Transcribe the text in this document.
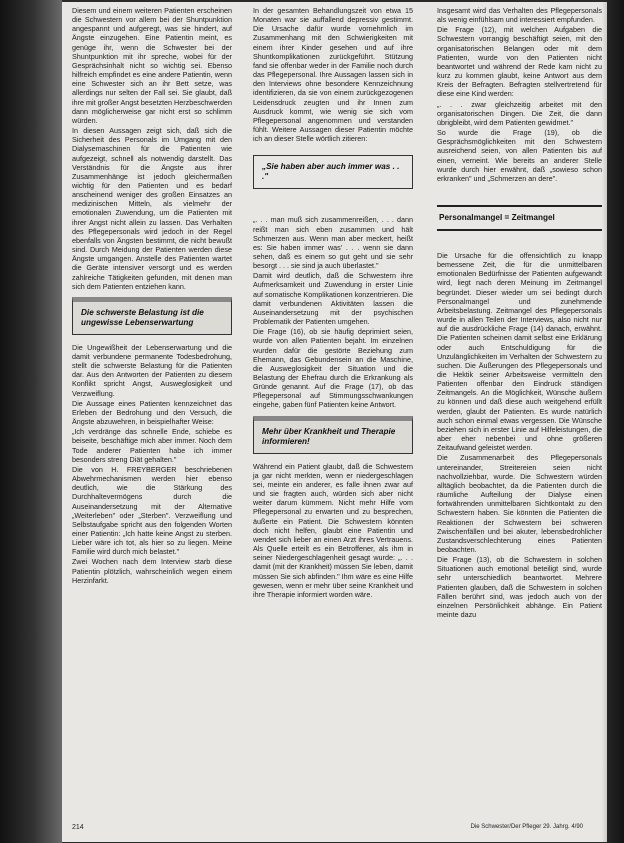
Diesem und einem weiteren Patienten erscheinen die Schwestern vor allem bei der Shuntpunktion angespannt und aufgeregt, was sie hindert, auf Ängste einzugehen. Eine Patientin meint, es genüge ihr, wenn die Schwester bei der Shuntpunktion mit ihr spreche, wobei für der Gesprächsinhalt nicht so wichtig sei. Ebenso hilfreich empfindet es eine andere Patientin, wenn eine Schwester sich an ihr Bett setze, was allerdings nur selten der Fall sei. Sie glaubt, daß ihre mit großer Angst besetzten Herzbeschwerden dann möglicherweise gar nicht erst so schlimm würden.

In diesen Aussagen zeigt sich, daß sich die Sicherheit des Personals im Umgang mit den Dialysemaschinen für die Patienten wie aufgezeigt, schnell als notwendig darstellt. Das Verständnis für die Ängste aus ihrer Zusammenhänge ist jedoch gleichermaßen wichtig für den Patienten und es bedarf anscheinend weniger des großen Einsatzes an medizinischen Mitteln, als vielmehr der emotionalen Zuwendung, um die Patienten mit ihrer Angst nicht allein zu lassen. Das Verhalten des Pflegepersonals wird jedoch in der Regel ebenfalls von Ängsten bestimmt, die nicht bewußt sind. Durch Meidung der Patienten werden diese Ängste umgangen. Anstelle des Patienten wartet die Geräte intensiver versorgt und es werden zahlreiche Tätigkeiten gefunden, mit denen man sich dem Patienten entziehen kann.

Die schwerste Belastung ist die ungewisse Lebenserwartung

Die Ungewißheit der Lebenserwartung und die damit verbundene permanente Todesbedrohung, stellt die schwerste Belastung für die Patienten dar. Aus den Antworten der Patienten zu diesem Konflikt spricht Angst, Ausweglosigkeit und Verzweiflung.

Die Aussage eines Patienten kennzeichnet das Erleben der Bedrohung und den Versuch, die Ängste abzuwehren, in beispielhafter Weise:

„Ich verdränge das schnelle Ende, schiebe es beiseite, beschäftige mich aber immer. Noch dem Tode anderer Patienten habe ich immer besonders streng Diät gehalten."

Die von H. FREYBERGER beschriebenen Abwehrmechanismen werden hier ebenso deutlich, wie die Stärkung des Durchhaltevermögens durch die Auseinandersetzung mit der Alternative „Weiterleben" oder „Sterben". Verzweiflung und Selbstaufgabe spricht aus den folgenden Worten einer Patientin: „Ich hatte keine Angst zu sterben. Lieber wäre ich tot, als hier so zu liegen. Meine Familie wird durch mich belastet."

Zwei Wochen nach dem Interview starb diese Patientin plötzlich, wahrscheinlich wegen einem Herzinfarkt.

In der gesamten Behandlungszeit von etwa 15 Monaten war sie auffallend depressiv gestimmt. Die Ursache dafür wurde vornehmlich im Zusammenhang mit den Schwierigkeiten mit einem ihrer Kinder gesehen und auf ihre Shuntkomplikationen zurückgeführt. Stützung fand sie offenbar weder in der Familie noch durch das Pflegepersonal. Ihre Aussagen lassen sich in den Interviews ohne besondere Kennzeichnung identifizieren, da sie von einem zurückgezogenen Leidensdruck zeugten und ihr Innen zum Ausdruck kommt, wie wenig sie sich vom Pflegepersonal angenommen und verstanden fühlt. Weitere Aussagen dieser Patientin möchte ich an dieser Stelle wörtlich zitieren:

„Sie haben aber auch immer was . . ."

„. . . man muß sich zusammenreißen, . . . dann reißt man sich eben zusammen und hält Schmerzen aus. Wenn man aber meckert, heißt es: Sie haben immer was' . . . wenn sie dann sehen, daß es einem so gut geht und sie sehr besorgt . . . sie sind ja auch überlastet."

Damit wird deutlich, daß die Schwestern ihre Aufmerksamkeit und Zuwendung in erster Linie auf somatische Komplikationen konzentrieren. Die damit verbundenen Aktivitäten lassen die Auseinandersetzung mit der psychischen Problematik der Patienten umgehen.

Die Frage (16), ob sie häufig deprimiert seien, wurde von allen Patienten bejaht. Im einzelnen wurden dafür die gestörte Beziehung zum Ehemann, das Gebundensein an die Maschine, die Ausweglosigkeit der Situation und die Belastung der Ehefrau durch die Erkrankung als Gründe genannt. Auf die Frage (17), ob das Pflegepersonal auf Stimmungsschwankungen eingehe, gaben fünf Patienten keine Antwort.

Mehr über Krankheit und Therapie informieren!

Während ein Patient glaubt, daß die Schwestern ja gar nicht merkten, wenn er niedergeschlagen sei, meinte ein anderer, es falle ihnen zwar auf und sie fragten auch, würden sich aber nicht weiter darum kümmern. Nicht mehr Hilfe vom Pflegepersonal zu erwarten und zu besprechen, äußerte ein Patient. Die Schwestern könnten doch nicht helfen, glaubt eine Patientin und wendet sich lieber an einen Arzt ihres Vertrauens. Als Quelle erteilt es ein Betroffener, als ihm in seiner Niedergeschlagenheit gesagt wurde: „. . . damit (mit der Krankheit) müssen Sie leben, damit müssen Sie sich abfinden." Ihm wäre es eine Hilfe gewesen, wenn er mehr über seine Krankheit und ihre Therapie informiert worden wäre.

Insgesamt wird das Verhalten des Pflegepersonals als wenig einfühlsam und interessiert empfunden.

Die Frage (12), mit welchen Aufgaben die Schwestern vorrangig beschäftigt seien, mit den organisatorischen Belangen oder mit dem Patienten, wurde von den Patienten nicht beantwortet und während der Rede kam nicht zu kurz zu kommen glaubt, keine Antwort aus dem Kreis der Befragten. Befragten stellvertretend für diese eine Kind werden:

„. . . zwar gleichzeitig arbeitet mit den organisatorischen Dingen. Die Zeit, die dann übrigbleibt, wird dem Patienten gewidmet."

So wurde die Frage (19), ob die Gesprächsmöglichkeiten mit den Schwestern ausreichend seien, von allen Patienten bis auf einen, verneint. Wie bereits an anderer Stelle wurde durch hier erwähnt, daß „sowieso schon erkranken" und „Schmerzen an dere".

Personalmangel = Zeitmangel

Die Ursache für die offensichtlich zu knapp bemessene Zeit, die für die unmittelbaren emotionalen Bedürfnisse der Patienten aufgewandt wird, liegt nach deren Meinung im Zeitmangel begründet. Dieser wieder um sei bedingt durch Personalmangel und zunehmende Arbeitsbelastung. Zeitmangel des Pflegepersonals wurde in allen Teilen der Interviews, also nicht nur auf die ausdrückliche Frage (14) danach, erwähnt. Die Patienten scheinen damit selbst eine Erklärung oder auch Entschuldigung für die Unzulänglichkeiten im Verhalten der Schwestern zu suchen. Die Äußerungen des Pflegepersonals und die Hektik seiner Arbeitsweise vermitteln den Patienten offenbar den Eindruck ständigen Zeitmangels. An die Möglichkeit, Wünsche äußern zu können und daß diese auch weitgehend erfüllt werden, glaubt der Patienten. Es wurde natürlich auch schon einmal etwas vergessen. Die Wünsche beziehen sich in erster Linie auf Hilfeleistungen, die aber eher nebenbei und ohne größeren Zeitaufwand geleistet werden.

Die Zusammenarbeit des Pflegepersonals untereinander, Streitereien seien nicht nachvollziehbar, wurde. Die Schwestern würden alltäglich beobachtet, da die Patienten durch die räumliche Aufteilung der Dialyse einen fortwährenden unmittelbaren Sichtkontakt zu den Schwestern haben. Sie könnten die Patienten die Reaktionen der Schwestern bei schweren Zwischenfällen und bei akuter, lebensbedrohlicher Zustandsverschlechterung eines Patienten beobachten.

Die Frage (13), ob die Schwestern in solchen Situationen auch emotional beteiligt sind, wurde sehr unterschiedlich beantwortet. Mehrere Patienten glauben, daß die Schwestern in solchen Fällen berührt sind, was jedoch auch von der einzelnen Persönlichkeit abhänge. Ein Patient meinte dazu

214	Die Schwester/Der Pfleger 29. Jahrg. 4/90
